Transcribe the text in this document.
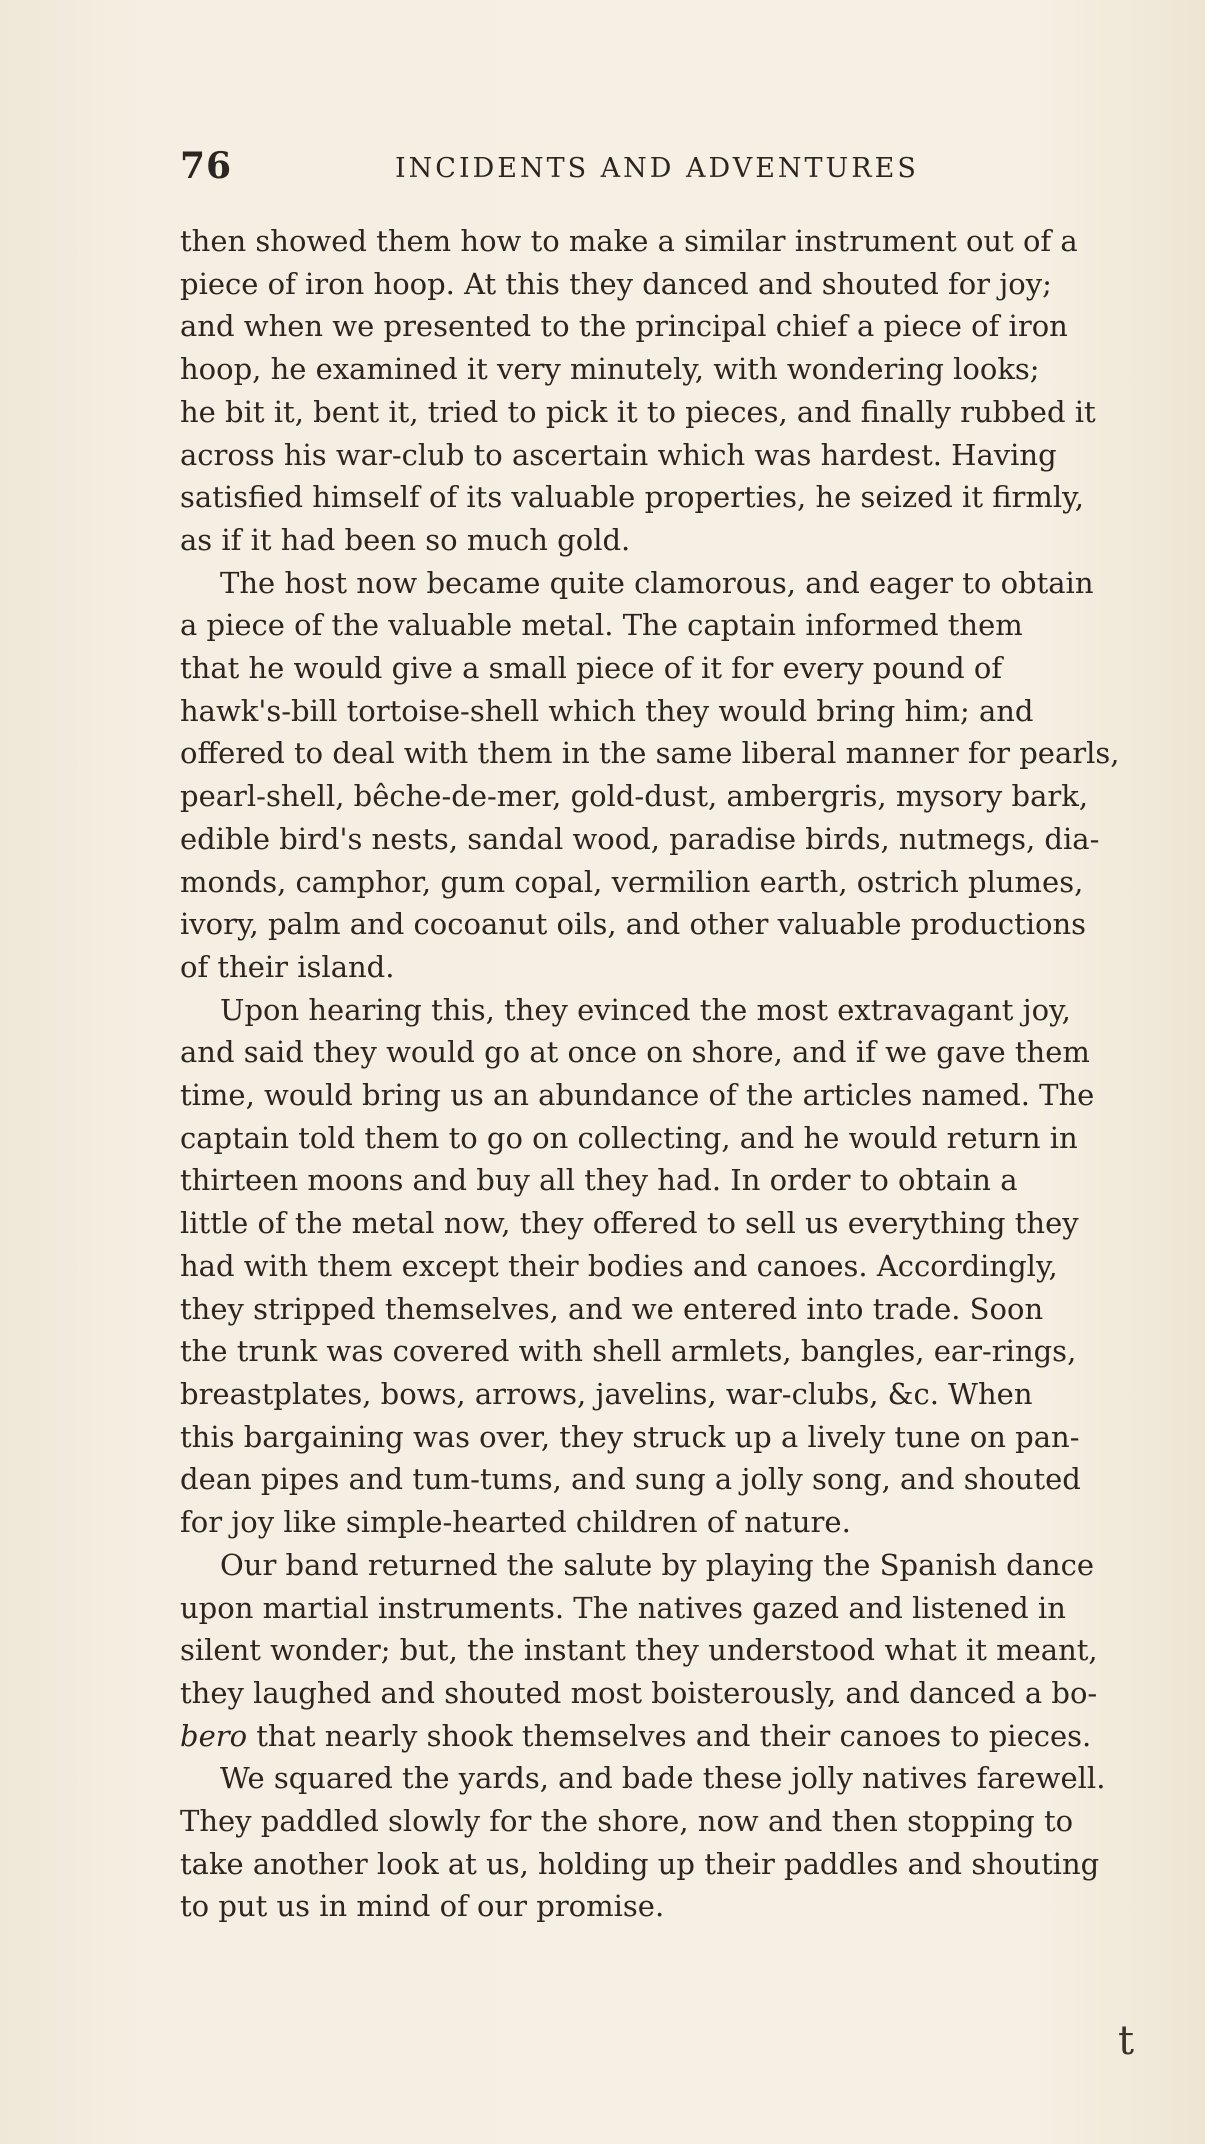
76	INCIDENTS AND ADVENTURES

then showed them how to make a similar instrument out of a
piece of iron hoop. At this they danced and shouted for joy;
and when we presented to the principal chief a piece of iron
hoop, he examined it very minutely, with wondering looks;
he bit it, bent it, tried to pick it to pieces, and finally rubbed it
across his war-club to ascertain which was hardest. Having
satisfied himself of its valuable properties, he seized it firmly,
as if it had been so much gold.

The host now became quite clamorous, and eager to obtain
a piece of the valuable metal. The captain informed them
that he would give a small piece of it for every pound of
hawk's-bill tortoise-shell which they would bring him; and
offered to deal with them in the same liberal manner for pearls,
pearl-shell, bêche-de-mer, gold-dust, ambergris, mysory bark,
edible bird's nests, sandal wood, paradise birds, nutmegs, dia-
monds, camphor, gum copal, vermilion earth, ostrich plumes,
ivory, palm and cocoanut oils, and other valuable productions
of their island.

Upon hearing this, they evinced the most extravagant joy,
and said they would go at once on shore, and if we gave them
time, would bring us an abundance of the articles named. The
captain told them to go on collecting, and he would return in
thirteen moons and buy all they had. In order to obtain a
little of the metal now, they offered to sell us everything they
had with them except their bodies and canoes. Accordingly,
they stripped themselves, and we entered into trade. Soon
the trunk was covered with shell armlets, bangles, ear-rings,
breastplates, bows, arrows, javelins, war-clubs, &c. When
this bargaining was over, they struck up a lively tune on pan-
dean pipes and tum-tums, and sung a jolly song, and shouted
for joy like simple-hearted children of nature.

Our band returned the salute by playing the Spanish dance
upon martial instruments. The natives gazed and listened in
silent wonder; but, the instant they understood what it meant,
they laughed and shouted most boisterously, and danced a bo-
bero that nearly shook themselves and their canoes to pieces.

We squared the yards, and bade these jolly natives farewell.
They paddled slowly for the shore, now and then stopping to
take another look at us, holding up their paddles and shouting
to put us in mind of our promise.

t
